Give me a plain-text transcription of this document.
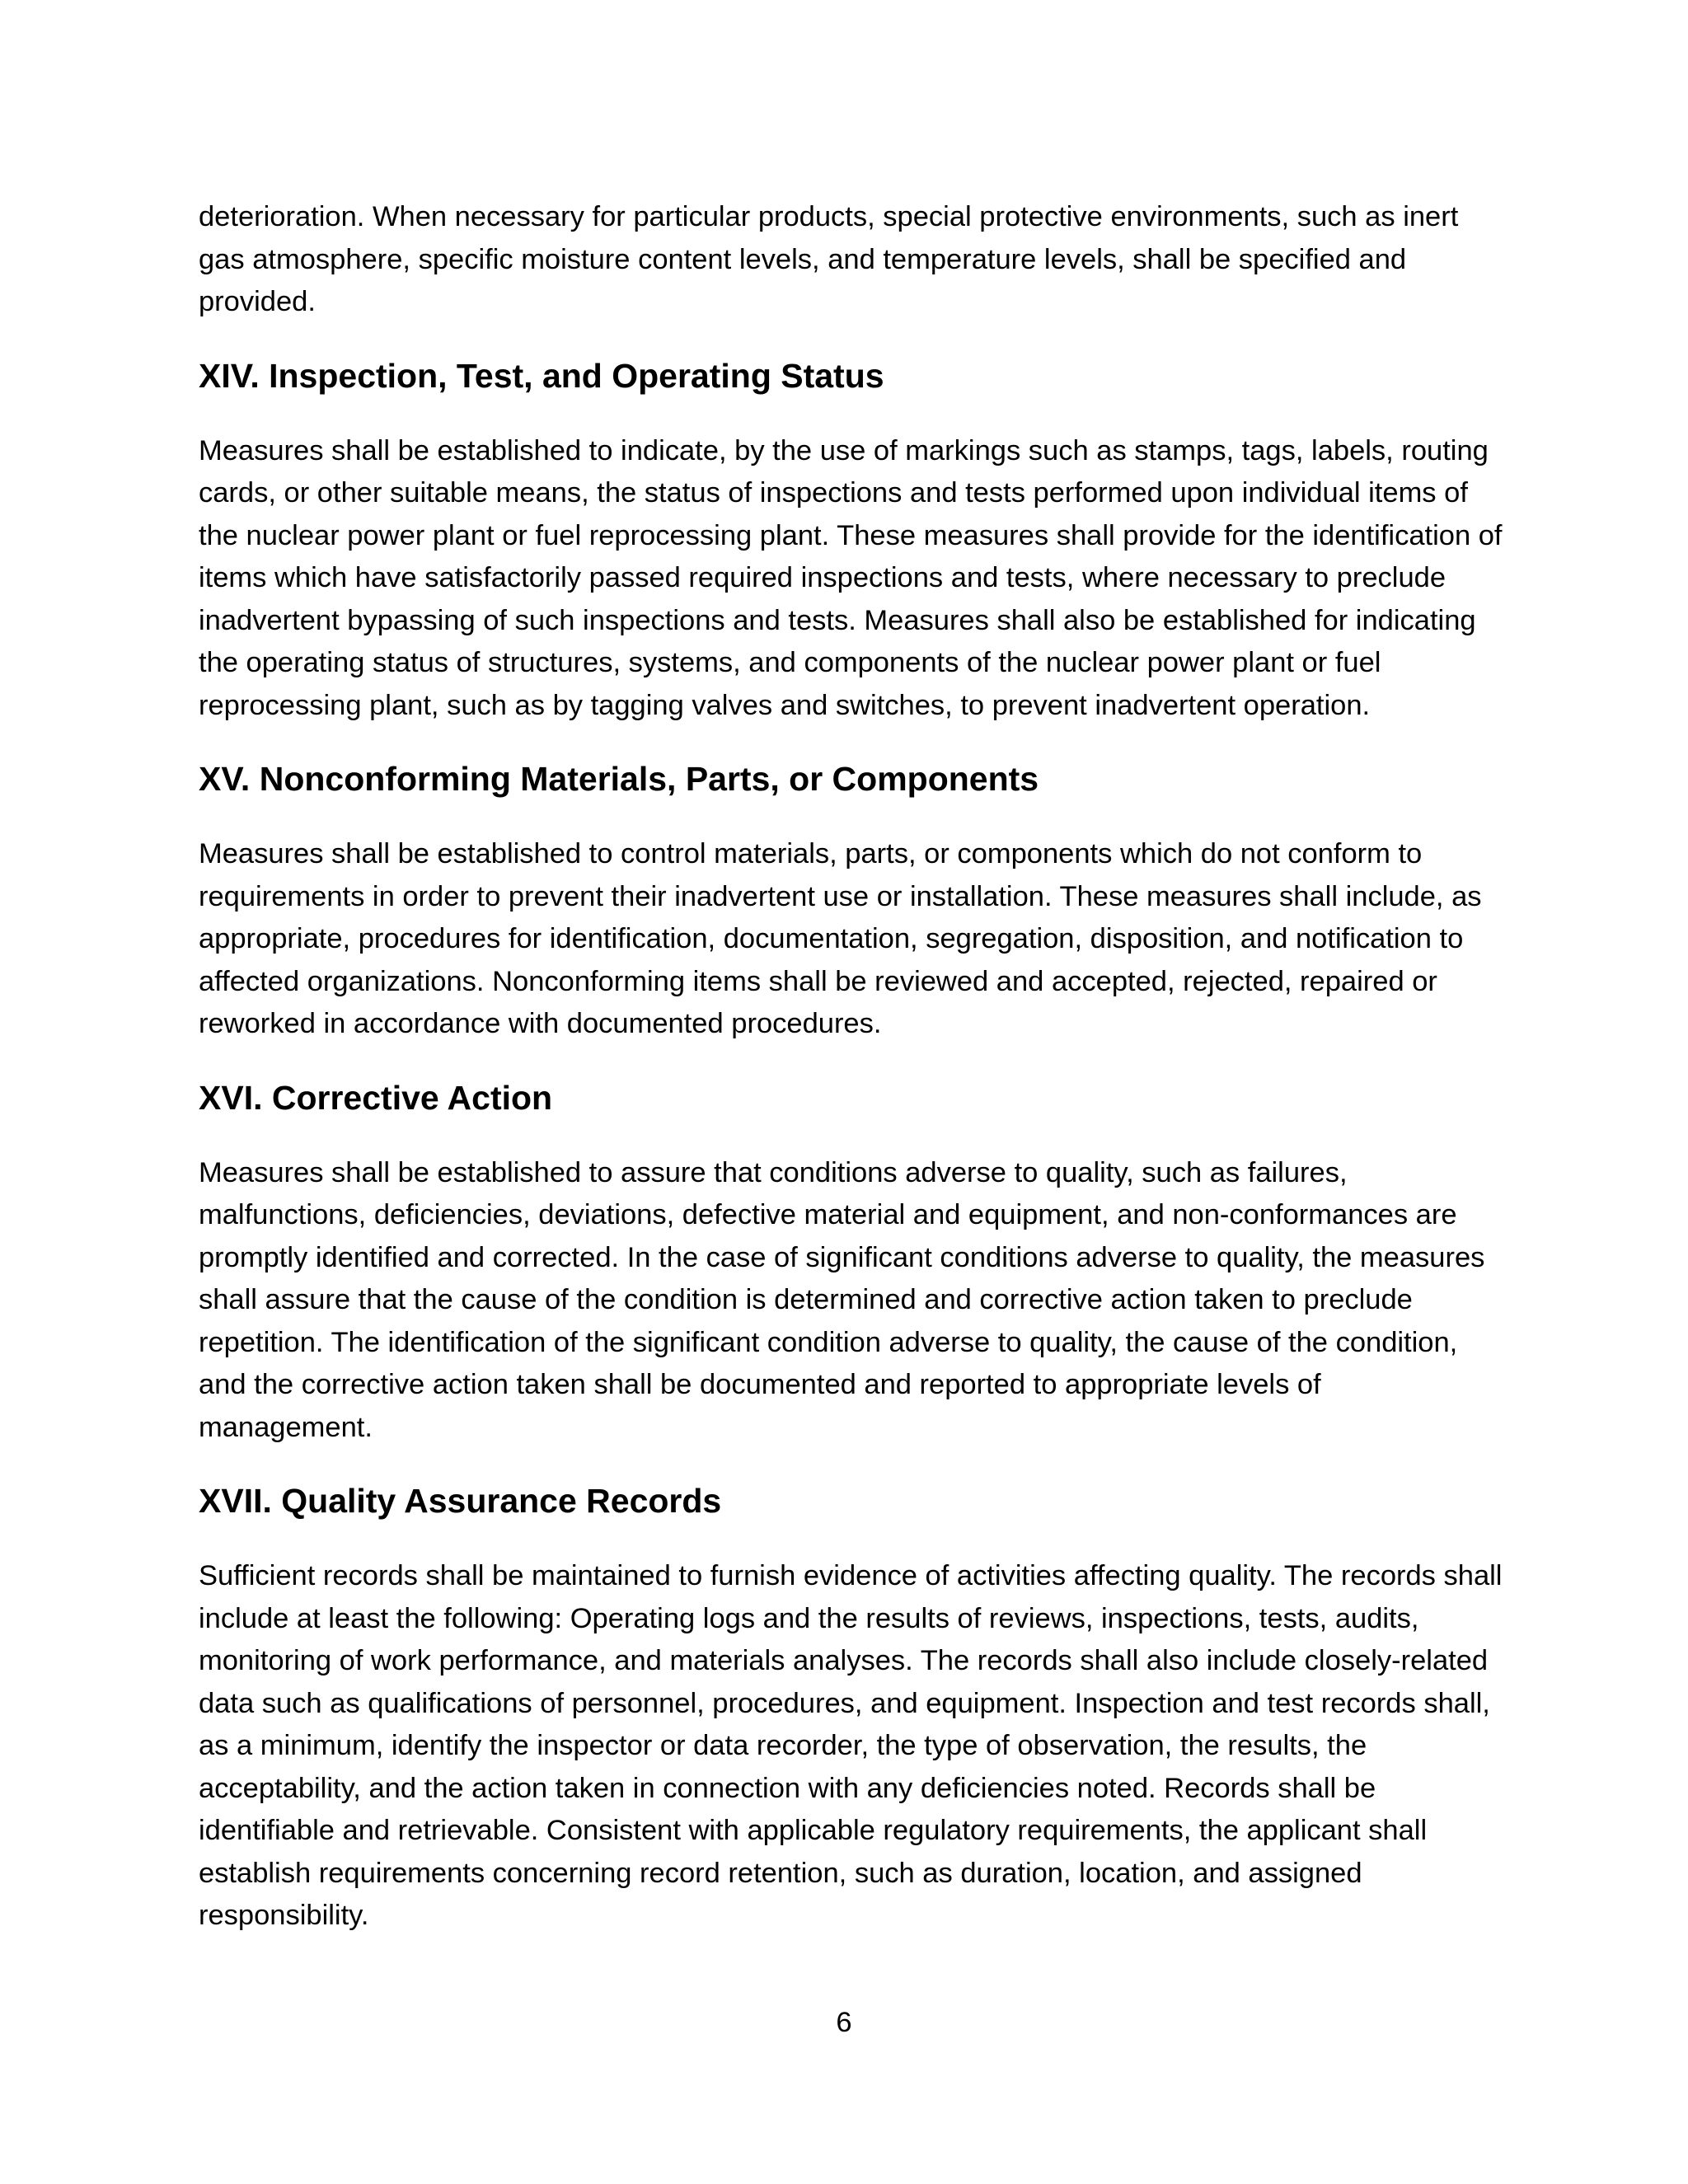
deterioration. When necessary for particular products, special protective environments, such as inert
gas atmosphere, specific moisture content levels, and temperature levels, shall be specified and
provided.

XIV. Inspection, Test, and Operating Status

Measures shall be established to indicate, by the use of markings such as stamps, tags, labels, routing
cards, or other suitable means, the status of inspections and tests performed upon individual items of
the nuclear power plant or fuel reprocessing plant. These measures shall provide for the identification of
items which have satisfactorily passed required inspections and tests, where necessary to preclude
inadvertent bypassing of such inspections and tests. Measures shall also be established for indicating
the operating status of structures, systems, and components of the nuclear power plant or fuel
reprocessing plant, such as by tagging valves and switches, to prevent inadvertent operation.

XV. Nonconforming Materials, Parts, or Components

Measures shall be established to control materials, parts, or components which do not conform to
requirements in order to prevent their inadvertent use or installation. These measures shall include, as
appropriate, procedures for identification, documentation, segregation, disposition, and notification to
affected organizations. Nonconforming items shall be reviewed and accepted, rejected, repaired or
reworked in accordance with documented procedures.

XVI. Corrective Action

Measures shall be established to assure that conditions adverse to quality, such as failures,
malfunctions, deficiencies, deviations, defective material and equipment, and non-conformances are
promptly identified and corrected. In the case of significant conditions adverse to quality, the measures
shall assure that the cause of the condition is determined and corrective action taken to preclude
repetition. The identification of the significant condition adverse to quality, the cause of the condition,
and the corrective action taken shall be documented and reported to appropriate levels of
management.

XVII. Quality Assurance Records

Sufficient records shall be maintained to furnish evidence of activities affecting quality. The records shall
include at least the following: Operating logs and the results of reviews, inspections, tests, audits,
monitoring of work performance, and materials analyses. The records shall also include closely-related
data such as qualifications of personnel, procedures, and equipment. Inspection and test records shall,
as a minimum, identify the inspector or data recorder, the type of observation, the results, the
acceptability, and the action taken in connection with any deficiencies noted. Records shall be
identifiable and retrievable. Consistent with applicable regulatory requirements, the applicant shall
establish requirements concerning record retention, such as duration, location, and assigned
responsibility.

6
